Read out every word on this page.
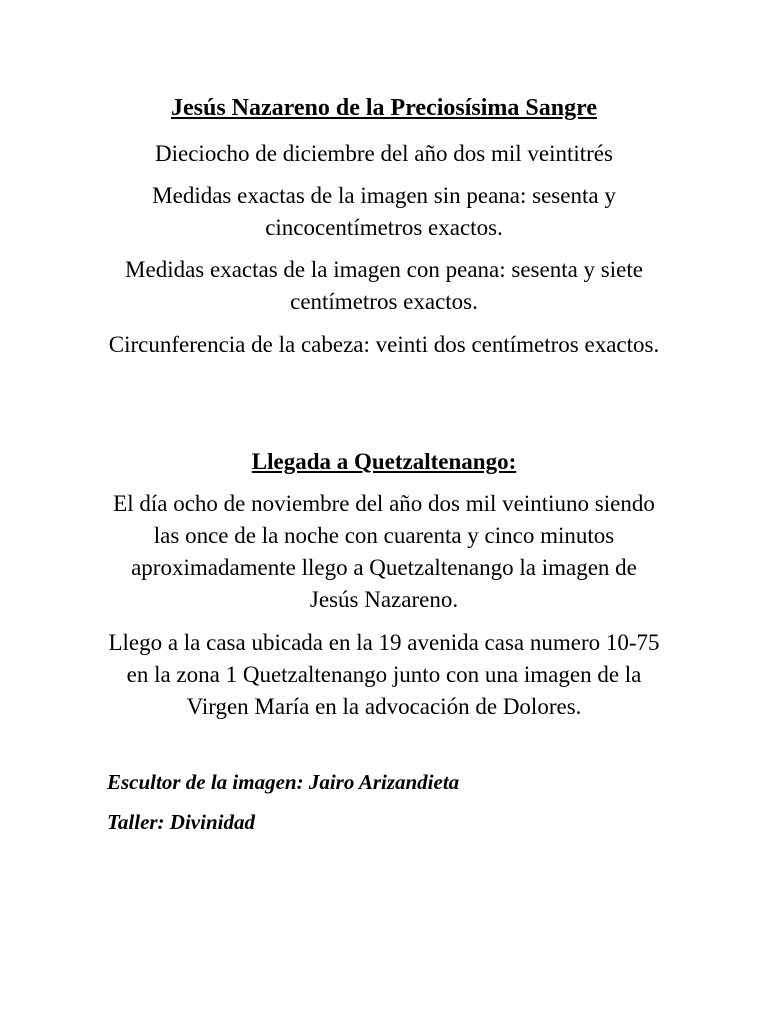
Jesús Nazareno de la Preciosísima Sangre

Dieciocho de diciembre del año dos mil veintitrés

Medidas exactas de la imagen sin peana: sesenta y cincocentímetros exactos.

Medidas exactas de la imagen con peana: sesenta y siete centímetros exactos.

Circunferencia de la cabeza: veinti dos centímetros exactos.

Llegada a Quetzaltenango:

El día ocho de noviembre del año dos mil veintiuno siendo las once de la noche con cuarenta y cinco minutos aproximadamente llego a Quetzaltenango la imagen de Jesús Nazareno.

Llego a la casa ubicada en la 19 avenida casa numero 10-75 en la zona 1 Quetzaltenango junto con una imagen de la Virgen María en la advocación de Dolores.

Escultor de la imagen: Jairo Arizandieta

Taller: Divinidad
